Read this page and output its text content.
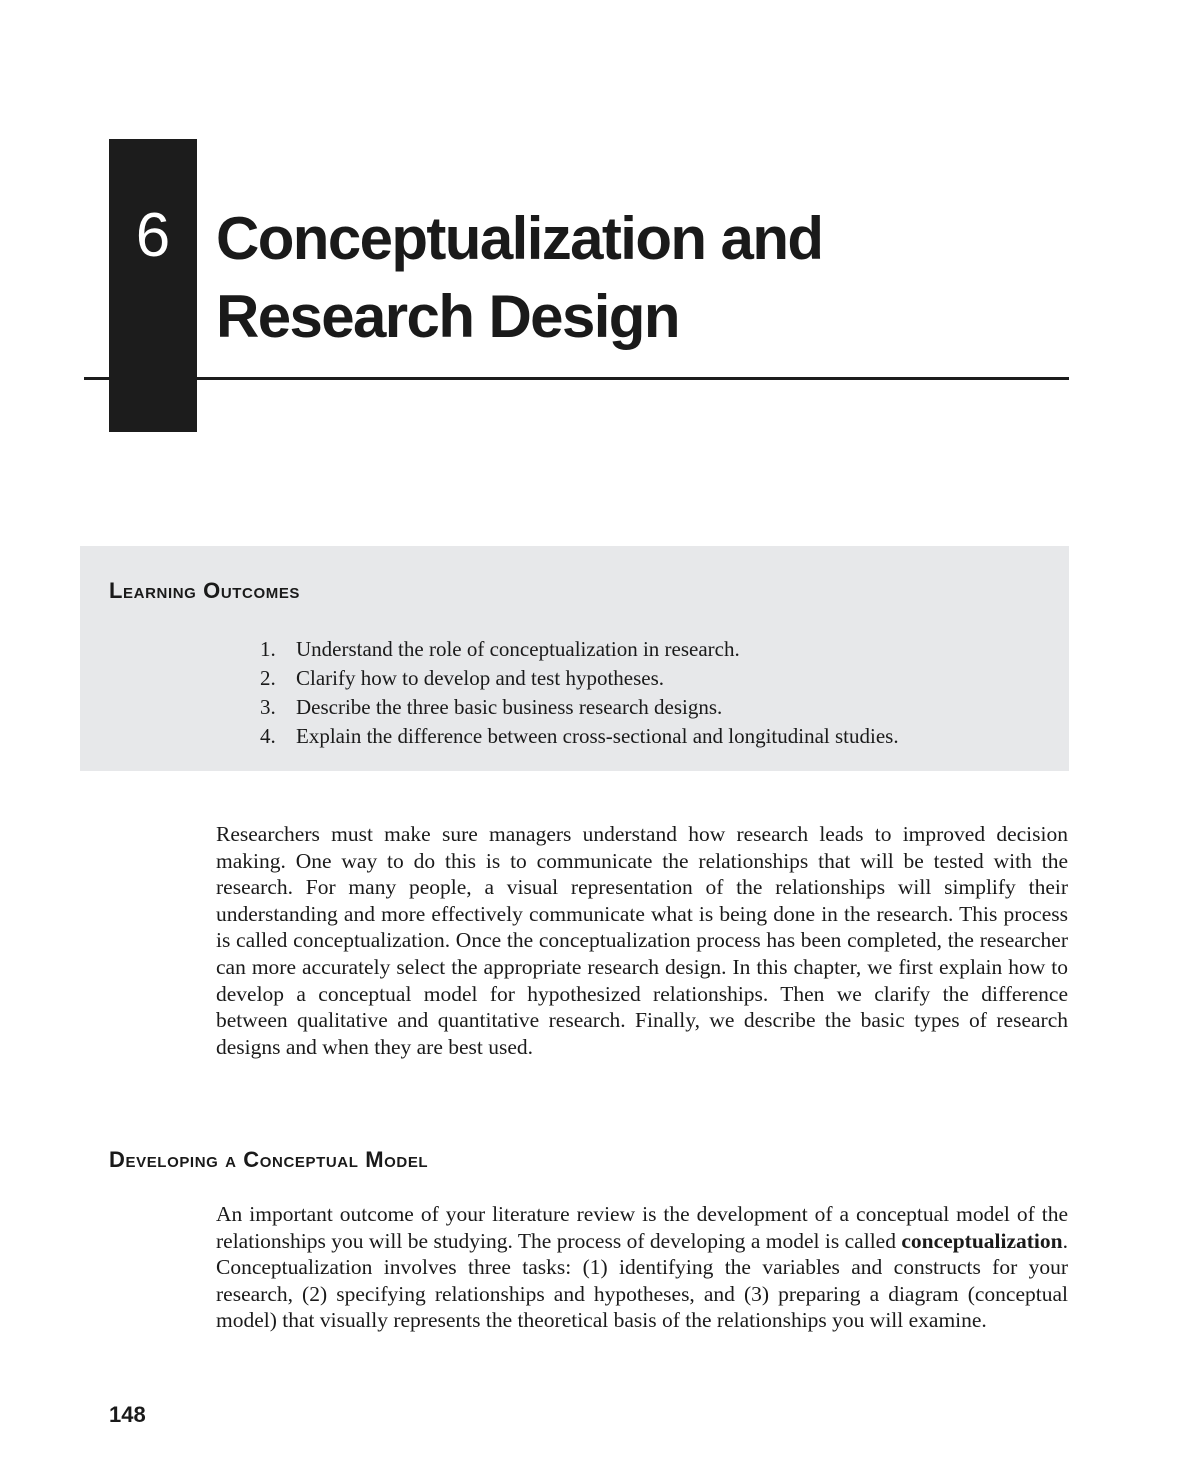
6 Conceptualization and
Research Design
Learning Outcomes
1. Understand the role of conceptualization in research.
2. Clarify how to develop and test hypotheses.
3. Describe the three basic business research designs.
4. Explain the difference between cross-sectional and longitudinal studies.

Researchers must make sure managers understand how research leads to improved decision making. One way to do this is to communicate the relationships that will be tested with the research. For many people, a visual representation of the relationships will simplify their understanding and more effectively communicate what is being done in the research. This process is called conceptualization. Once the conceptualization process has been completed, the researcher can more accurately select the appropriate research design. In this chapter, we first explain how to develop a conceptual model for hypothesized relationships. Then we clarify the difference between qualitative and quantitative research. Finally, we describe the basic types of research designs and when they are best used.

Developing a Conceptual Model

An important outcome of your literature review is the development of a conceptual model of the relationships you will be studying. The process of developing a model is called conceptualization. Conceptualization involves three tasks: (1) identifying the variables and constructs for your research, (2) specifying relationships and hypotheses, and (3) preparing a diagram (conceptual model) that visually represents the theoretical basis of the relationships you will examine.

148
